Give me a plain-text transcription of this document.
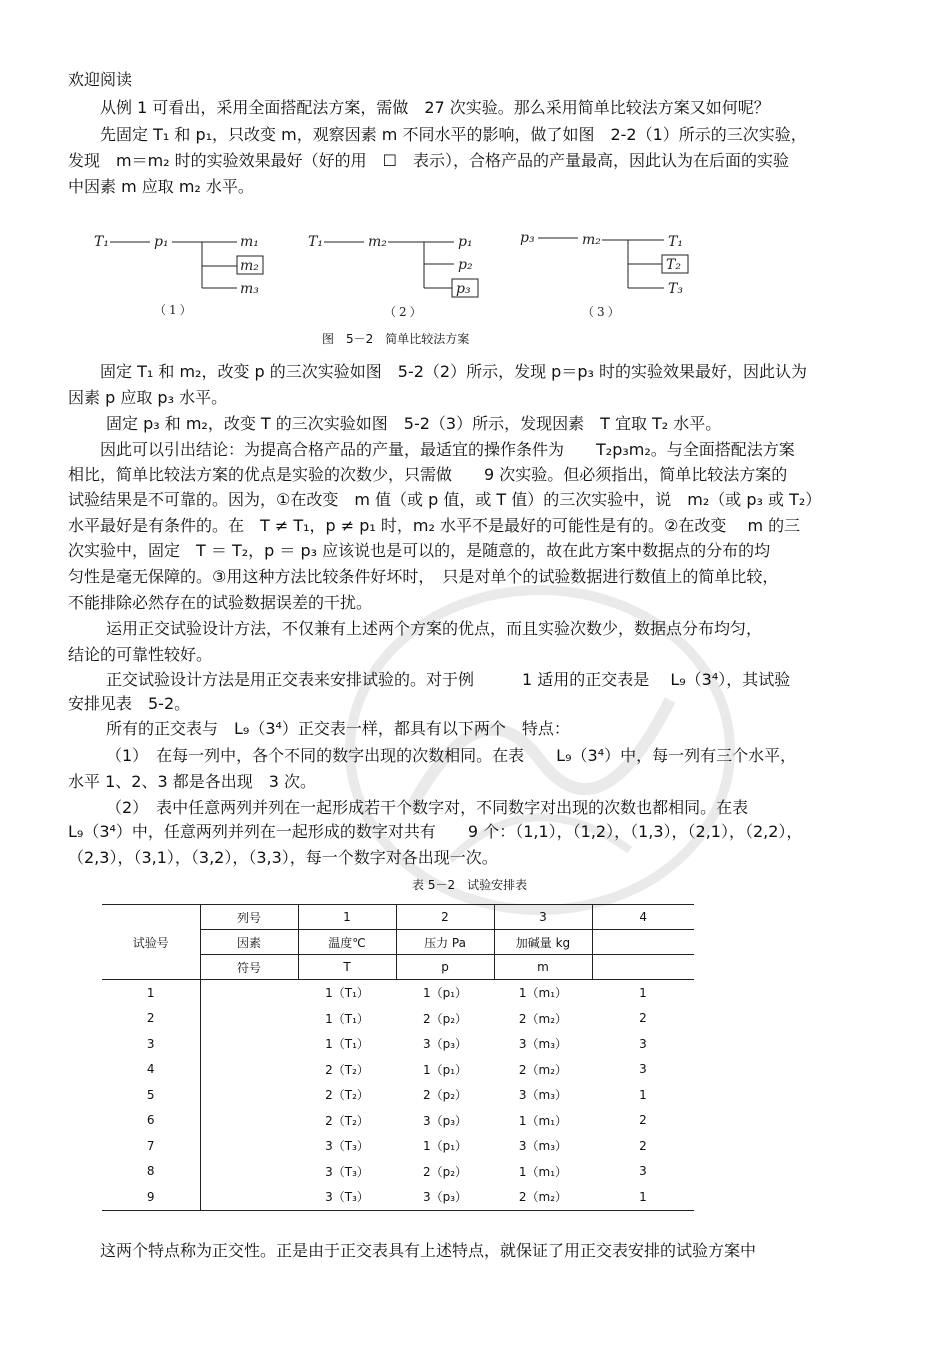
欢迎阅读
从例 1 可看出，采用全面搭配法方案，需做　27 次实验。那么采用简单比较法方案又如何呢？
先固定 T₁ 和 p₁，只改变 m，观察因素 m 不同水平的影响，做了如图　2-2（1）所示的三次实验，
发现　m＝m₂ 时的实验效果最好（好的用　☐　表示），合格产品的产量最高，因此认为在后面的实验
中因素 m 应取 m₂ 水平。
T₁	p₁	m₁
m₂
m₃
（1）
T₁	m₂	p₁
p₂
p₃
（2）
p₃	m₂	T₁
T₂
T₃
（3）
图　5－2　简单比较法方案
固定 T₁ 和 m₂，改变 p 的三次实验如图　5-2（2）所示，发现 p＝p₃ 时的实验效果最好，因此认为
因素 p 应取 p₃ 水平。
固定 p₃ 和 m₂，改变 T 的三次实验如图　5-2（3）所示，发现因素　T 宜取 T₂ 水平。
因此可以引出结论：为提高合格产品的产量，最适宜的操作条件为　　T₂p₃m₂。与全面搭配法方案
相比，简单比较法方案的优点是实验的次数少，只需做　　9 次实验。但必须指出，简单比较法方案的
试验结果是不可靠的。因为，①在改变　m 值（或 p 值，或 T 值）的三次实验中，说　m₂（或 p₃ 或 T₂）
水平最好是有条件的。在　T ≠ T₁，p ≠ p₁ 时，m₂ 水平不是最好的可能性是有的。②在改变　 m 的三
次实验中，固定　T ＝ T₂，p ＝ p₃ 应该说也是可以的，是随意的，故在此方案中数据点的分布的均
匀性是毫无保障的。③用这种方法比较条件好坏时，　只是对单个的试验数据进行数值上的简单比较，
不能排除必然存在的试验数据误差的干扰。
运用正交试验设计方法，不仅兼有上述两个方案的优点，而且实验次数少，数据点分布均匀，
结论的可靠性较好。
正交试验设计方法是用正交表来安排试验的。对于例　　　1 适用的正交表是　 L₉（3⁴），其试验
安排见表　5-2。
所有的正交表与　L₉（3⁴）正交表一样，都具有以下两个　特点：
（1）　在每一列中，各个不同的数字出现的次数相同。在表　　L₉（3⁴）中，每一列有三个水平，
水平 1、2、3 都是各出现　3 次。
（2）　表中任意两列并列在一起形成若干个数字对，不同数字对出现的次数也都相同。在表
L₉（3⁴）中，任意两列并列在一起形成的数字对共有　　9 个：（1,1），（1,2），（1,3），（2,1），（2,2），
（2,3），（3,1），（3,2），（3,3），每一个数字对各出现一次。
表 5－2　试验安排表
试验号	列号	1	2	3	4
	因素	温度℃	压力 Pa	加碱量 kg	
	符号	T	p	m	
1		1（T₁）	1（p₁）	1（m₁）	1
2		1（T₁）	2（p₂）	2（m₂）	2
3		1（T₁）	3（p₃）	3（m₃）	3
4		2（T₂）	1（p₁）	2（m₂）	3
5		2（T₂）	2（p₂）	3（m₃）	1
6		2（T₂）	3（p₃）	1（m₁）	2
7		3（T₃）	1（p₁）	3（m₃）	2
8		3（T₃）	2（p₂）	1（m₁）	3
9		3（T₃）	3（p₃）	2（m₂）	1
这两个特点称为正交性。正是由于正交表具有上述特点，就保证了用正交表安排的试验方案中
